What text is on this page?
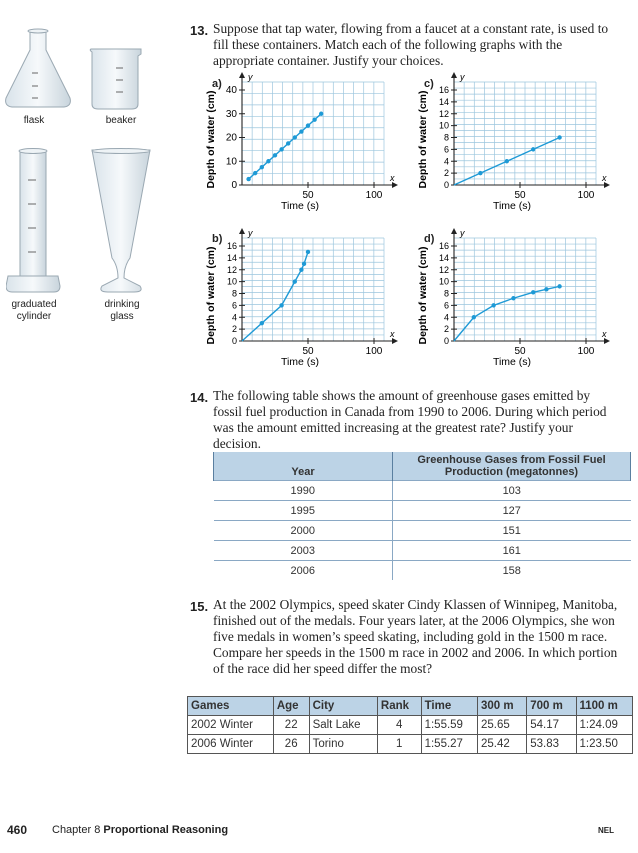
flask	beaker
graduated
cylinder
drinking
glass
13. Suppose that tap water, flowing from a faucet at a constant rate, is used to fill these containers. Match each of the following graphs with the appropriate container. Justify your choices.
a)
b)
c)
d)
x
y
40
30
20
10
0
50	100
Time (s)
Depth of water (cm)
x
y
16
14
12
10
8
6
4
2
0
50	100
Time (s)
Depth of water (cm)
x
y
16
14
12
10
8
6
4
2
0
50	100
Time (s)
Depth of water (cm)
x
y
16
14
12
10
8
6
4
2
0
50	100
Time (s)
Depth of water (cm)
14. The following table shows the amount of greenhouse gases emitted by fossil fuel production in Canada from 1990 to 2006. During which period was the amount emitted increasing at the greatest rate? Justify your decision.
Year	Greenhouse Gases from Fossil Fuel Production (megatonnes)
1990	103
1995	127
2000	151
2003	161
2006	158
15. At the 2002 Olympics, speed skater Cindy Klassen of Winnipeg, Manitoba, finished out of the medals. Four years later, at the 2006 Olympics, she won five medals in women’s speed skating, including gold in the 1500 m race. Compare her speeds in the 1500 m race in 2002 and 2006. In which portion of the race did her speed differ the most?
Games	Age	City	Rank	Time	300 m	700 m	1100 m
2002 Winter	22	Salt Lake	4	1:55.59	25.65	54.17	1:24.09
2006 Winter	26	Torino	1	1:55.27	25.42	53.83	1:23.50
460 Chapter 8 Proportional Reasoning	NEL
